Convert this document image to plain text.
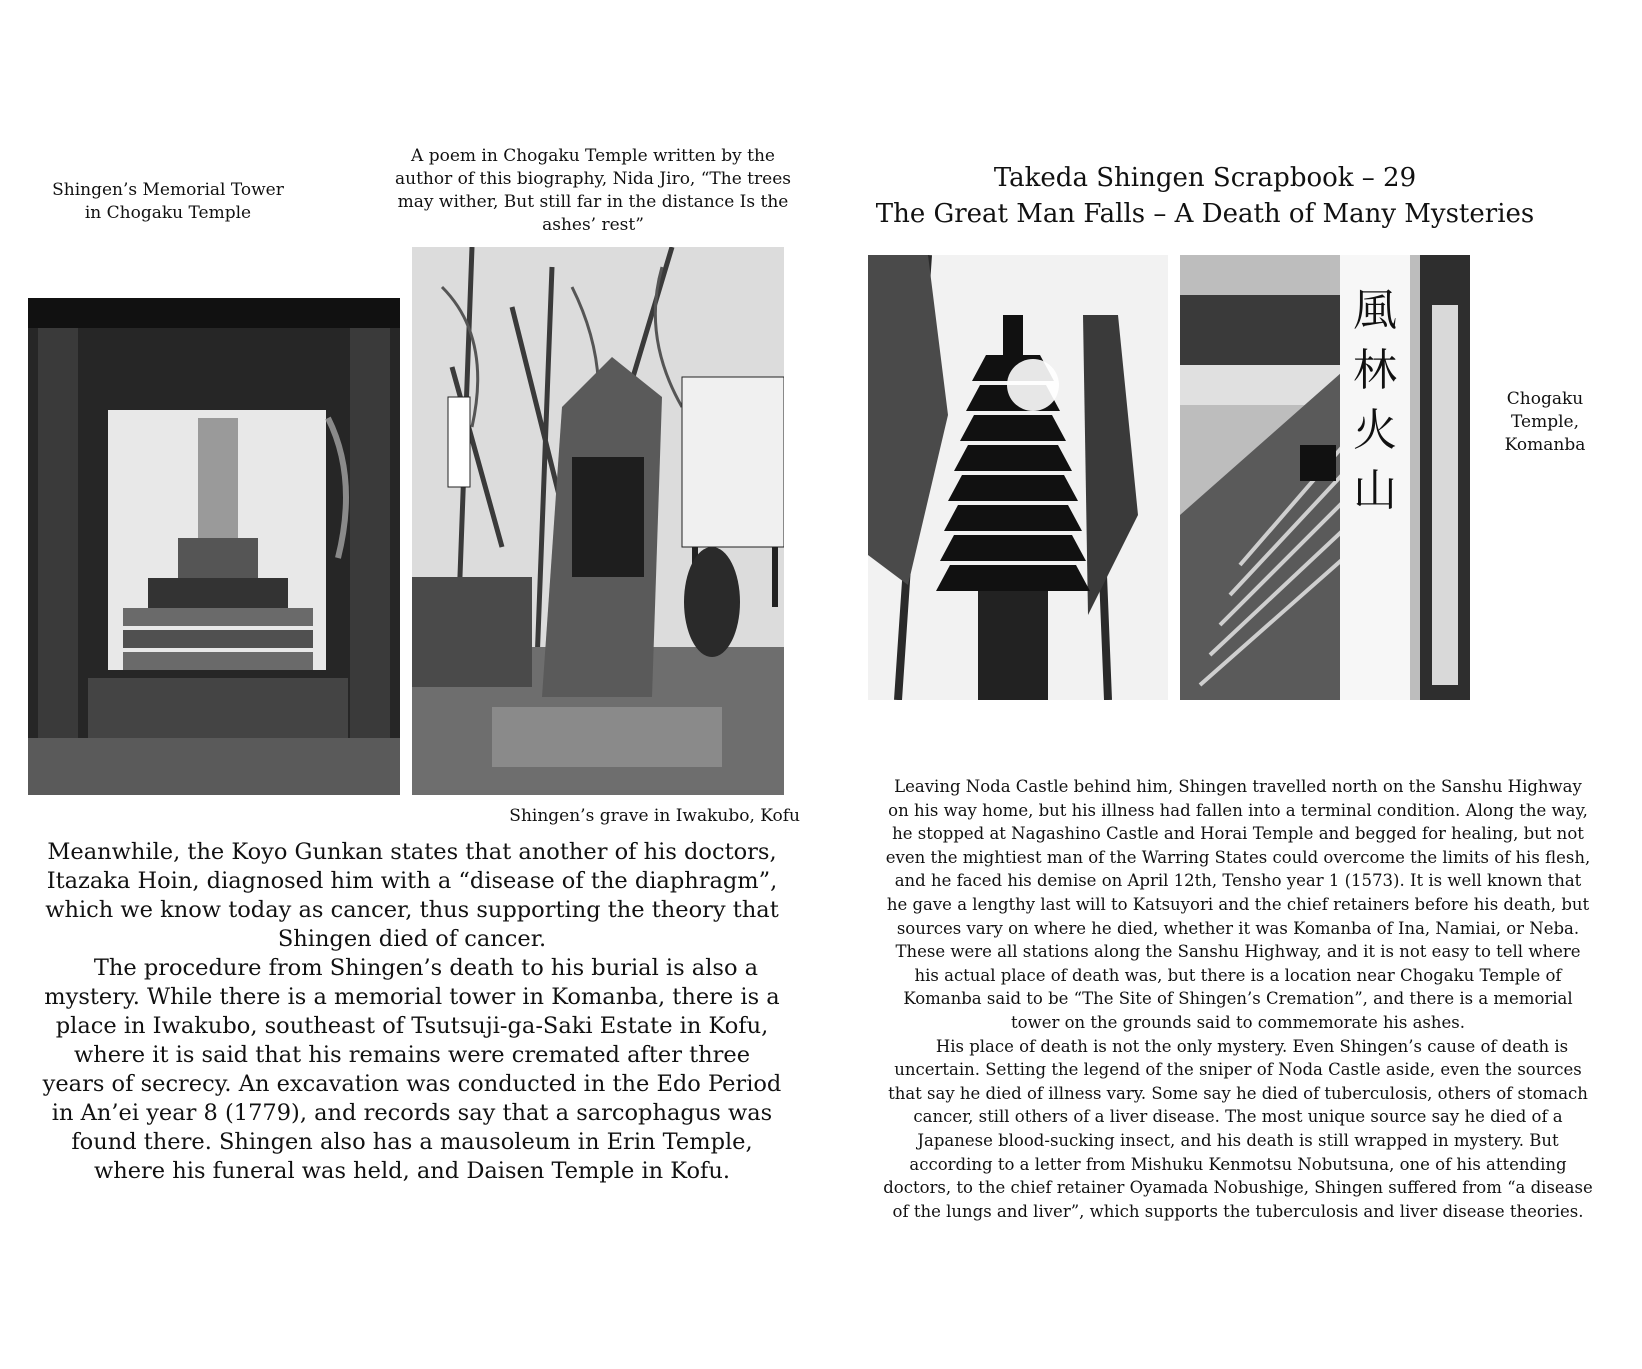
Shingen’s Memorial Tower in Chogaku Temple
A poem in Chogaku Temple written by the author of this biography, Nida Jiro, “The trees may wither, But still far in the distance Is the ashes’ rest”
Shingen’s grave in Iwakubo, Kofu

Meanwhile, the Koyo Gunkan states that another of his doctors, Itazaka Hoin, diagnosed him with a “disease of the diaphragm”, which we know today as cancer, thus supporting the theory that Shingen died of cancer.

The procedure from Shingen’s death to his burial is also a mystery. While there is a memorial tower in Komanba, there is a place in Iwakubo, southeast of Tsutsuji-ga-Saki Estate in Kofu, where it is said that his remains were cremated after three years of secrecy. An excavation was conducted in the Edo Period in An’ei year 8 (1779), and records say that a sarcophagus was found there. Shingen also has a mausoleum in Erin Temple, where his funeral was held, and Daisen Temple in Kofu.

Takeda Shingen Scrapbook – 29
The Great Man Falls – A Death of Many Mysteries
風
林
火
山
Chogaku Temple, Komanba

Leaving Noda Castle behind him, Shingen travelled north on the Sanshu Highway on his way home, but his illness had fallen into a terminal condition. Along the way, he stopped at Nagashino Castle and Horai Temple and begged for healing, but not even the mightiest man of the Warring States could overcome the limits of his flesh, and he faced his demise on April 12th, Tensho year 1 (1573). It is well known that he gave a lengthy last will to Katsuyori and the chief retainers before his death, but sources vary on where he died, whether it was Komanba of Ina, Namiai, or Neba. These were all stations along the Sanshu Highway, and it is not easy to tell where his actual place of death was, but there is a location near Chogaku Temple of Komanba said to be “The Site of Shingen’s Cremation”, and there is a memorial tower on the grounds said to commemorate his ashes.

His place of death is not the only mystery. Even Shingen’s cause of death is uncertain. Setting the legend of the sniper of Noda Castle aside, even the sources that say he died of illness vary. Some say he died of tuberculosis, others of stomach cancer, still others of a liver disease. The most unique source say he died of a Japanese blood-sucking insect, and his death is still wrapped in mystery. But according to a letter from Mishuku Kenmotsu Nobutsuna, one of his attending doctors, to the chief retainer Oyamada Nobushige, Shingen suffered from “a disease of the lungs and liver”, which supports the tuberculosis and liver disease theories.
